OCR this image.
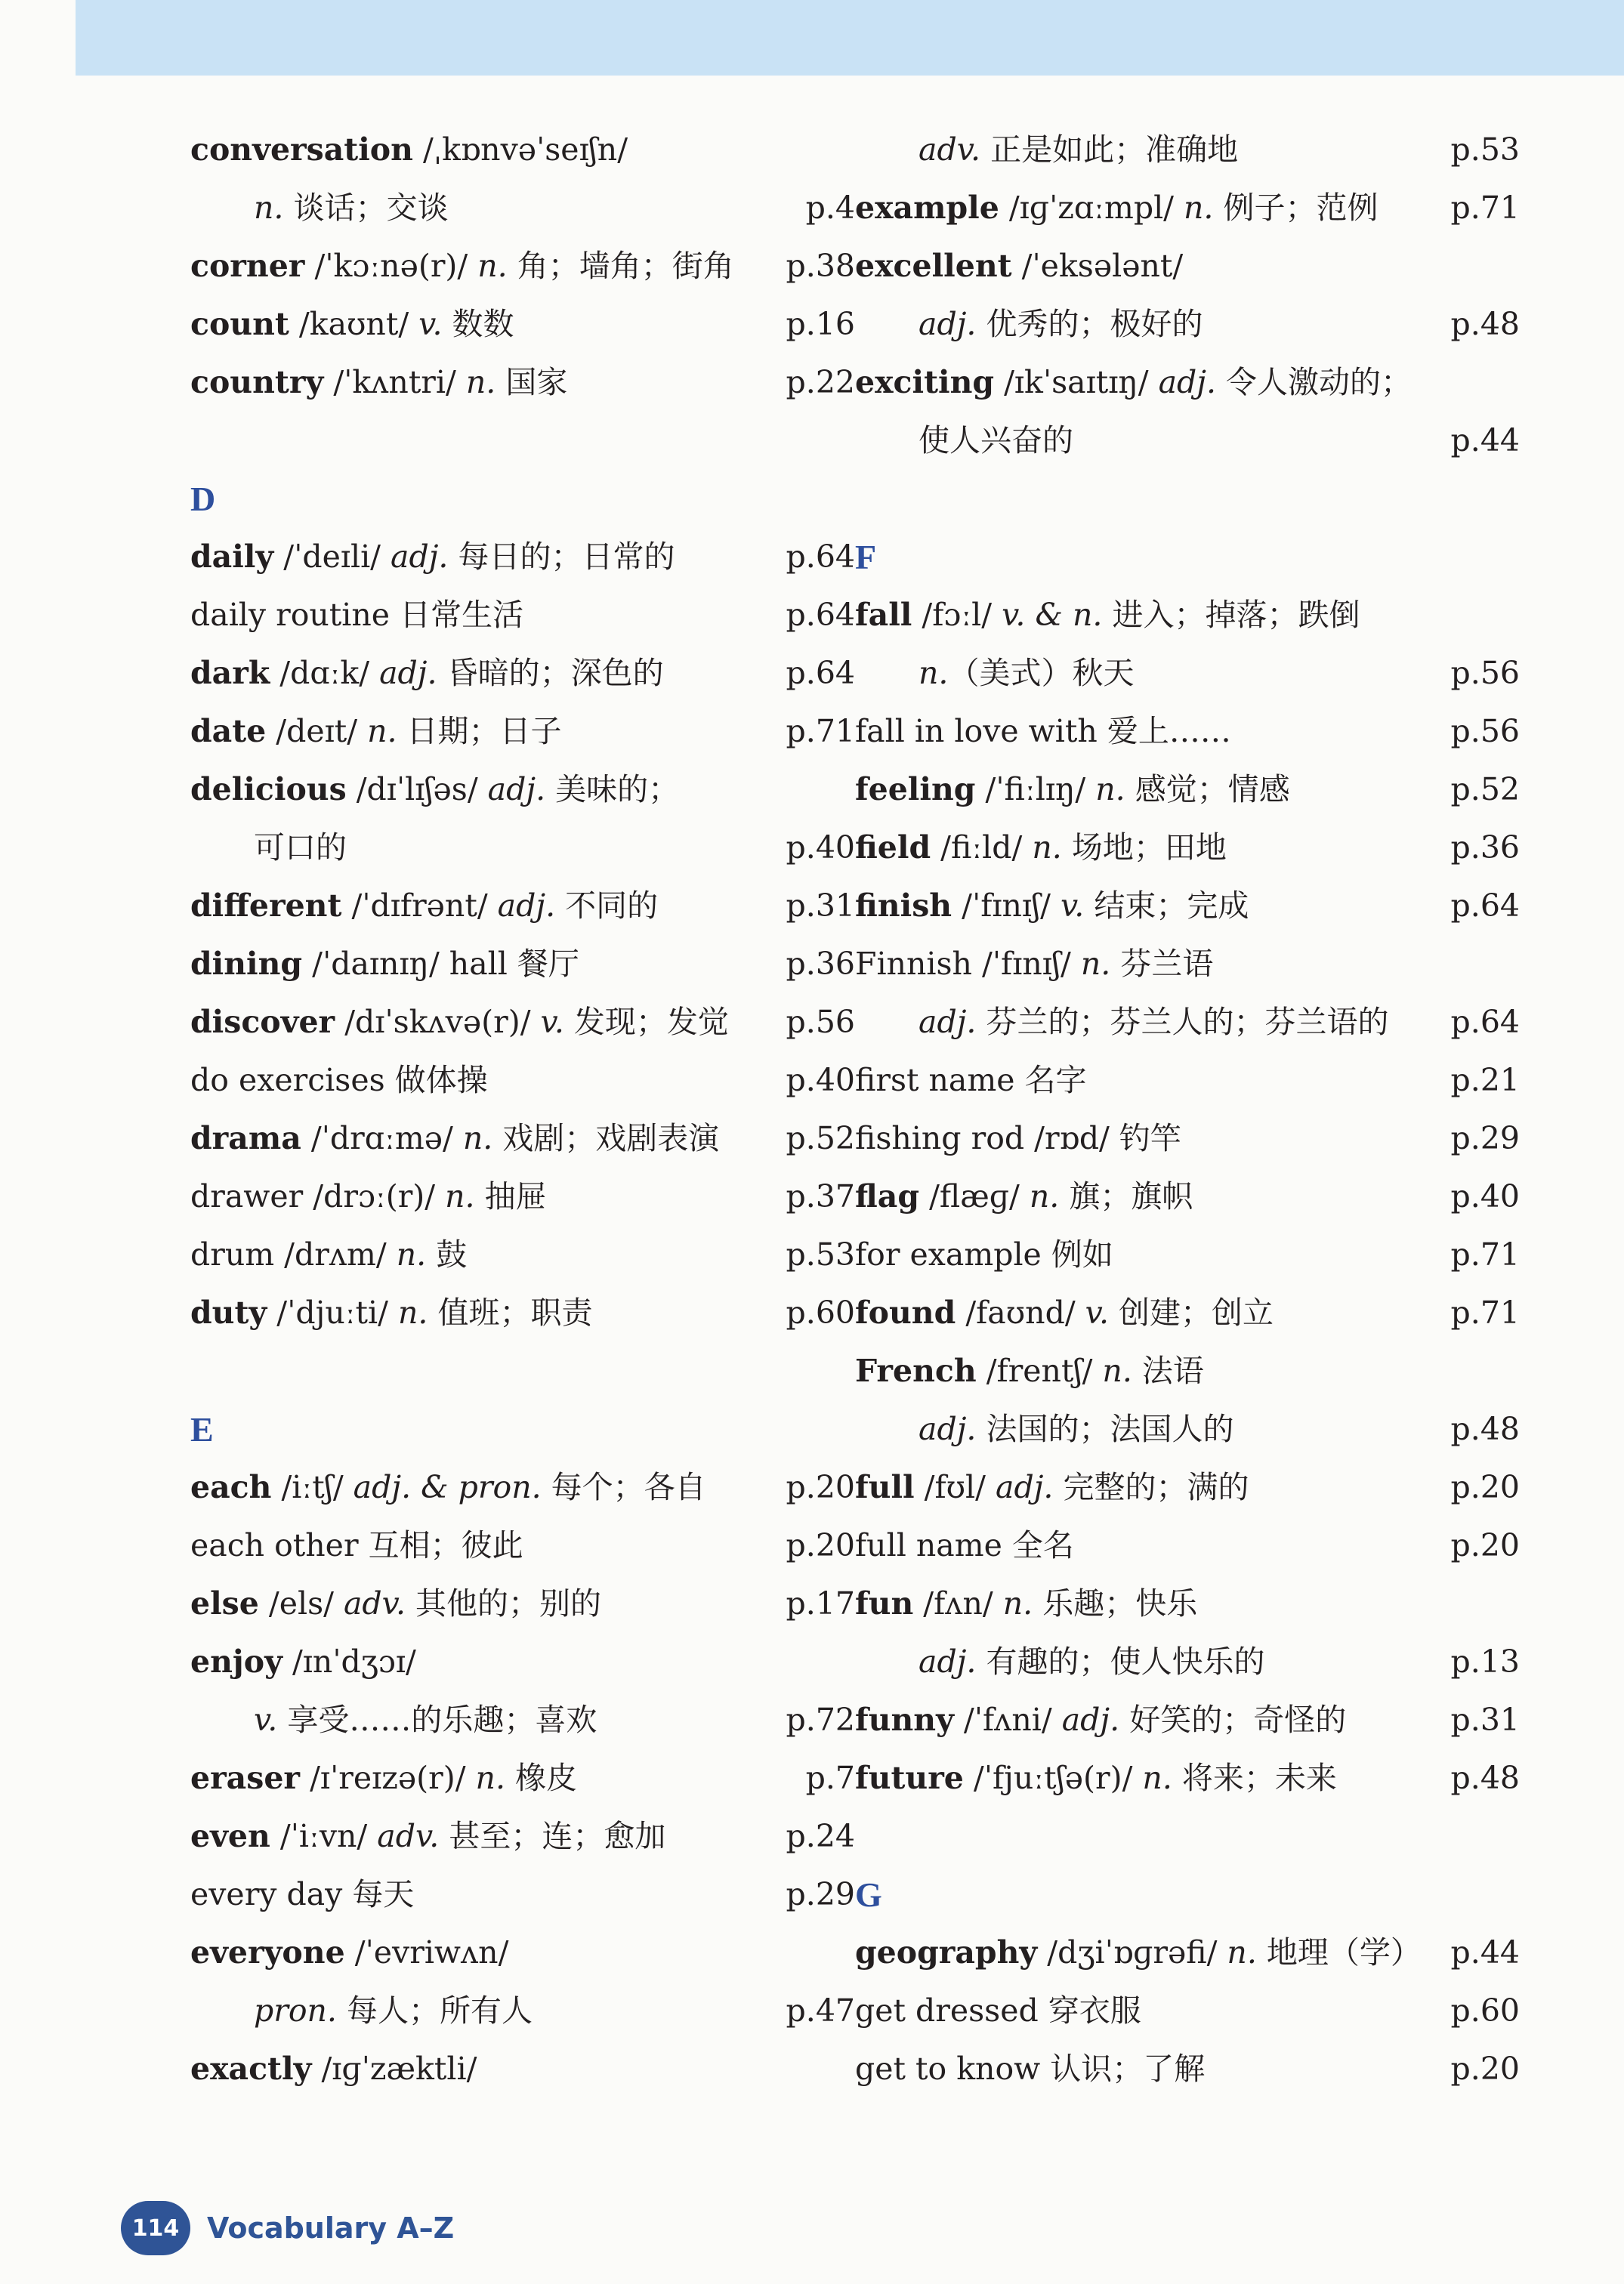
conversation /ˌkɒnvəˈseɪʃn/
n. 谈话；交谈	p.4
corner /ˈkɔːnə(r)/ n. 角；墙角；街角 p.38
count /kaʊnt/ v. 数数	p.16
country /ˈkʌntri/ n. 国家	p.22
D
daily /ˈdeɪli/ adj. 每日的；日常的	p.64
daily routine 日常生活	p.64
dark /dɑːk/ adj. 昏暗的；深色的	p.64
date /deɪt/ n. 日期；日子	p.71
delicious /dɪˈlɪʃəs/ adj. 美味的；
可口的	p.40
different /ˈdɪfrənt/ adj. 不同的	p.31
dining /ˈdaɪnɪŋ/ hall 餐厅	p.36
discover /dɪˈskʌvə(r)/ v. 发现；发觉 p.56
do exercises 做体操	p.40
drama /ˈdrɑːmə/ n. 戏剧；戏剧表演 p.52
drawer /drɔː(r)/ n. 抽屉	p.37
drum /drʌm/ n. 鼓	p.53
duty /ˈdjuːti/ n. 值班；职责	p.60
E
each /iːtʃ/ adj. & pron. 每个；各自	p.20
each other 互相；彼此	p.20
else /els/ adv. 其他的；别的	p.17
enjoy /ɪnˈdʒɔɪ/
v. 享受……的乐趣；喜欢	p.72
eraser /ɪˈreɪzə(r)/ n. 橡皮	p.7
even /ˈiːvn/ adv. 甚至；连；愈加	p.24
every day 每天	p.29
everyone /ˈevriwʌn/
pron. 每人；所有人	p.47
exactly /ɪɡˈzæktli/
adv. 正是如此；准确地	p.53
example /ɪɡˈzɑːmpl/ n. 例子；范例 p.71
excellent /ˈeksələnt/
adj. 优秀的；极好的	p.48
exciting /ɪkˈsaɪtɪŋ/ adj. 令人激动的；
使人兴奋的	p.44
F
fall /fɔːl/ v. & n. 进入；掉落；跌倒
n.（美式）秋天	p.56
fall in love with 爱上……	p.56
feeling /ˈfiːlɪŋ/ n. 感觉；情感	p.52
field /fiːld/ n. 场地；田地	p.36
finish /ˈfɪnɪʃ/ v. 结束；完成	p.64
Finnish /ˈfɪnɪʃ/ n. 芬兰语
adj. 芬兰的；芬兰人的；芬兰语的 p.64
first name 名字	p.21
fishing rod /rɒd/ 钓竿	p.29
flag /flæɡ/ n. 旗；旗帜	p.40
for example 例如	p.71
found /faʊnd/ v. 创建；创立	p.71
French /frentʃ/ n. 法语
adj. 法国的；法国人的	p.48
full /fʊl/ adj. 完整的；满的	p.20
full name 全名	p.20
fun /fʌn/ n. 乐趣；快乐
adj. 有趣的；使人快乐的	p.13
funny /ˈfʌni/ adj. 好笑的；奇怪的	p.31
future /ˈfjuːtʃə(r)/ n. 将来；未来	p.48
G
geography /dʒiˈɒɡrəfi/ n. 地理（学） p.44
get dressed 穿衣服	p.60
get to know 认识；了解	p.20
114 Vocabulary A–Z
